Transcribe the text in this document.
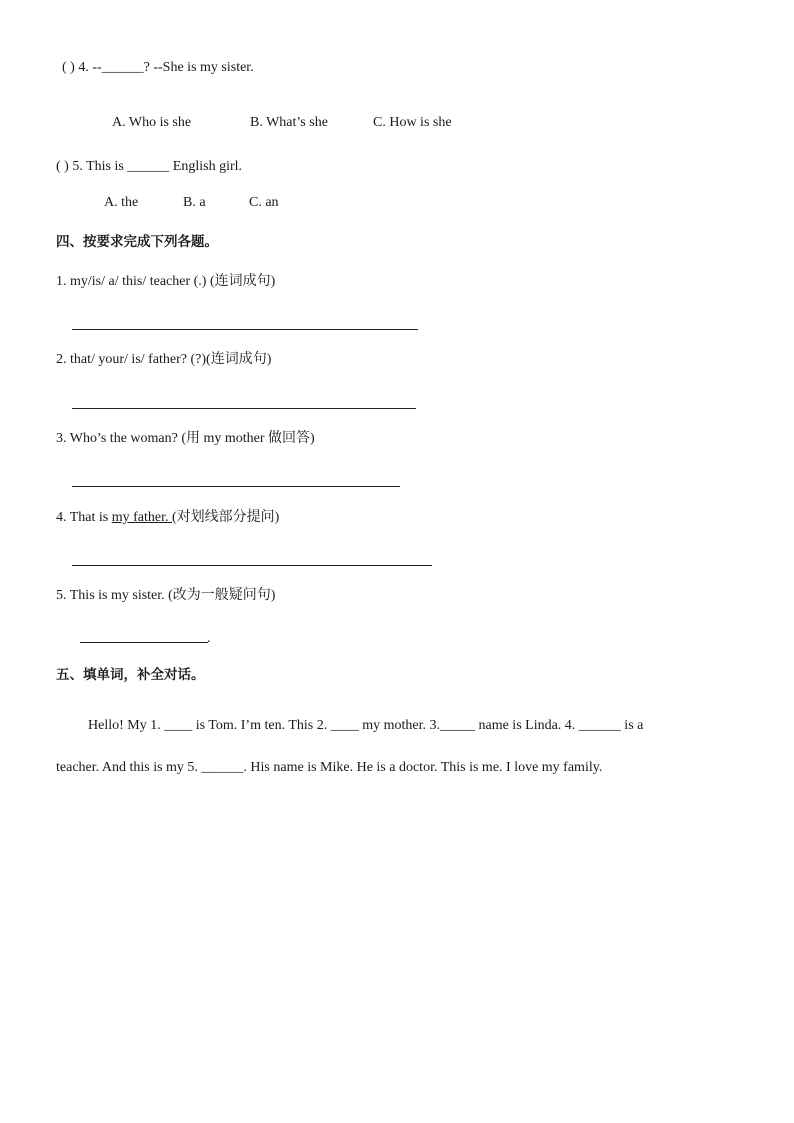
( ) 4. --______? --She is my sister.
A. Who is she	B. What’s she	C. How is she
( ) 5. This is ______ English girl.
A. the	B. a	C. an
四、按要求完成下列各题。
1. my/is/ a/ this/ teacher (.) (连词成句)
2. that/ your/ is/ father? (?)(连词成句)
3. Who’s the woman? (用 my mother 做回答)
4. That is my father. (对划线部分提问)
5. This is my sister. (改为一般疑问句)
.
五、填单词，补全对话。
Hello! My 1. ____ is Tom. I’m ten. This 2. ____ my mother. 3._____ name is Linda. 4. ______ is a
teacher. And this is my 5. ______. His name is Mike. He is a doctor. This is me. I love my family.
